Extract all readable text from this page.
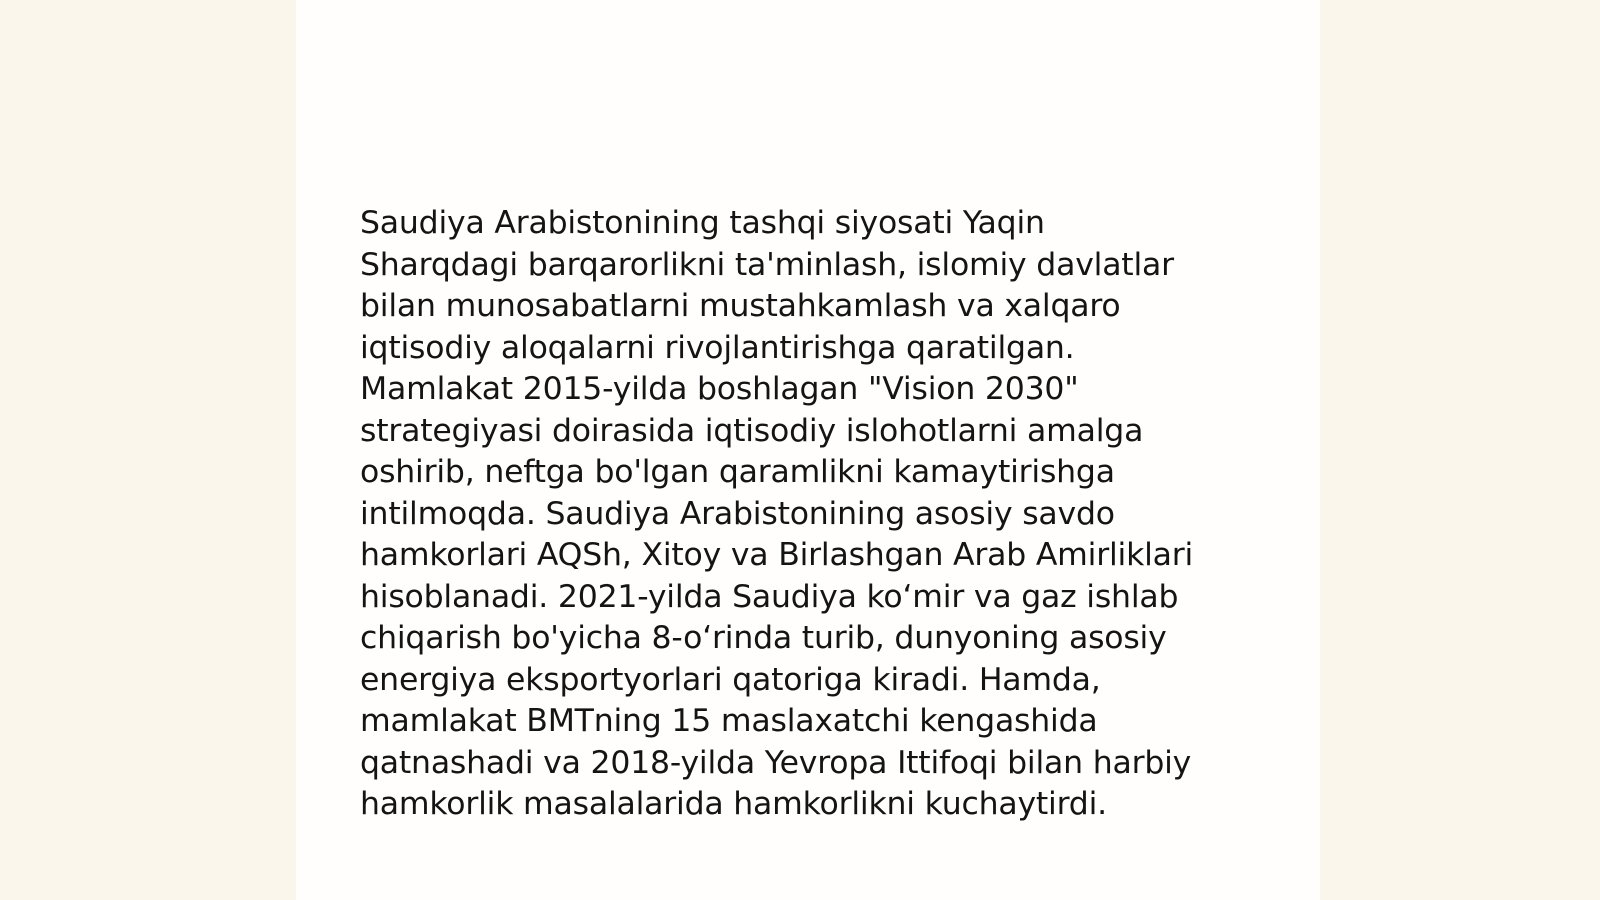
Saudiya Arabistonining tashqi siyosati Yaqin
Sharqdagi barqarorlikni ta'minlash, islomiy davlatlar
bilan munosabatlarni mustahkamlash va xalqaro
iqtisodiy aloqalarni rivojlantirishga qaratilgan.
Mamlakat 2015-yilda boshlagan "Vision 2030"
strategiyasi doirasida iqtisodiy islohotlarni amalga
oshirib, neftga bo'lgan qaramlikni kamaytirishga
intilmoqda. Saudiya Arabistonining asosiy savdo
hamkorlari AQSh, Xitoy va Birlashgan Arab Amirliklari
hisoblanadi. 2021-yilda Saudiya ko‘mir va gaz ishlab
chiqarish bo'yicha 8-o‘rinda turib, dunyoning asosiy
energiya eksportyorlari qatoriga kiradi. Hamda,
mamlakat BMTning 15 maslaxatchi kengashida
qatnashadi va 2018-yilda Yevropa Ittifoqi bilan harbiy
hamkorlik masalalarida hamkorlikni kuchaytirdi.
